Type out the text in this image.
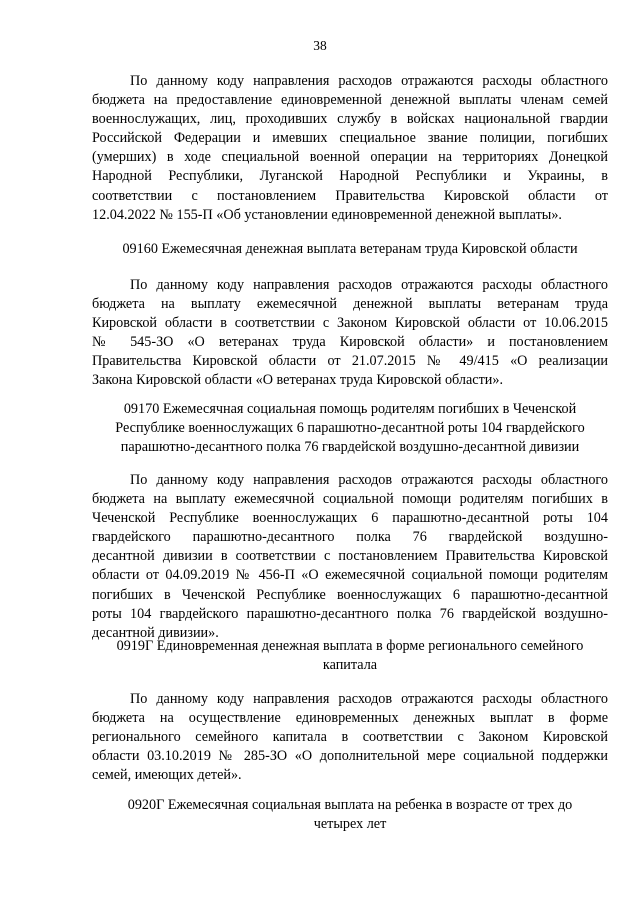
38
По данному коду направления расходов отражаются расходы областного
бюджета на предоставление единовременной денежной выплаты членам семей
военнослужащих, лиц, проходивших службу в войсках национальной гвардии
Российской Федерации и имевших специальное звание полиции, погибших
(умерших) в ходе специальной военной операции на территориях Донецкой
Народной Республики, Луганской Народной Республики и Украины, в
соответствии с постановлением Правительства Кировской области от
12.04.2022 № 155-П «Об установлении единовременной денежной выплаты».
09160 Ежемесячная денежная выплата ветеранам труда Кировской области
По данному коду направления расходов отражаются расходы областного
бюджета на выплату ежемесячной денежной выплаты ветеранам труда
Кировской области в соответствии с Законом Кировской области от 10.06.2015
№ 545-ЗО «О ветеранах труда Кировской области» и постановлением
Правительства Кировской области от 21.07.2015 № 49/415 «О реализации
Закона Кировской области «О ветеранах труда Кировской области».
09170 Ежемесячная социальная помощь родителям погибших в Чеченской
Республике военнослужащих 6 парашютно-десантной роты 104 гвардейского
парашютно-десантного полка 76 гвардейской воздушно-десантной дивизии
По данному коду направления расходов отражаются расходы областного
бюджета на выплату ежемесячной социальной помощи родителям погибших в
Чеченской Республике военнослужащих 6 парашютно-десантной роты 104
гвардейского парашютно-десантного полка 76 гвардейской воздушно-
десантной дивизии в соответствии с постановлением Правительства Кировской
области от 04.09.2019 № 456-П «О ежемесячной социальной помощи родителям
погибших в Чеченской Республике военнослужащих 6 парашютно-десантной
роты 104 гвардейского парашютно-десантного полка 76 гвардейской воздушно-
десантной дивизии».
0919Г Единовременная денежная выплата в форме регионального семейного
капитала
По данному коду направления расходов отражаются расходы областного
бюджета на осуществление единовременных денежных выплат в форме
регионального семейного капитала в соответствии с Законом Кировской
области 03.10.2019 № 285-ЗО «О дополнительной мере социальной поддержки
семей, имеющих детей».
0920Г Ежемесячная социальная выплата на ребенка в возрасте от трех до
четырех лет
